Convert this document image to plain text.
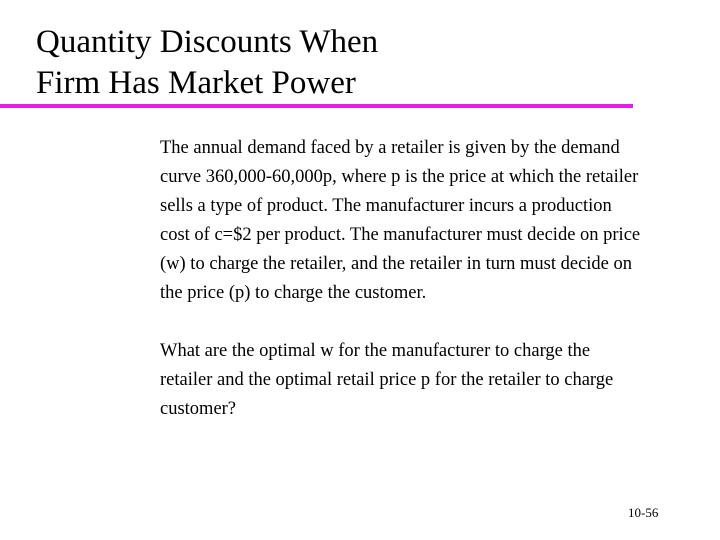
Quantity Discounts When
Firm Has Market Power

The annual demand faced by a retailer is given by the demand
curve 360,000-60,000p, where p is the price at which the retailer
sells a type of product. The manufacturer incurs a production
cost of c=$2 per product. The manufacturer must decide on price
(w) to charge the retailer, and the retailer in turn must decide on
the price (p) to charge the customer.

What are the optimal w for the manufacturer to charge the
retailer and the optimal retail price p for the retailer to charge
customer?

10-56
